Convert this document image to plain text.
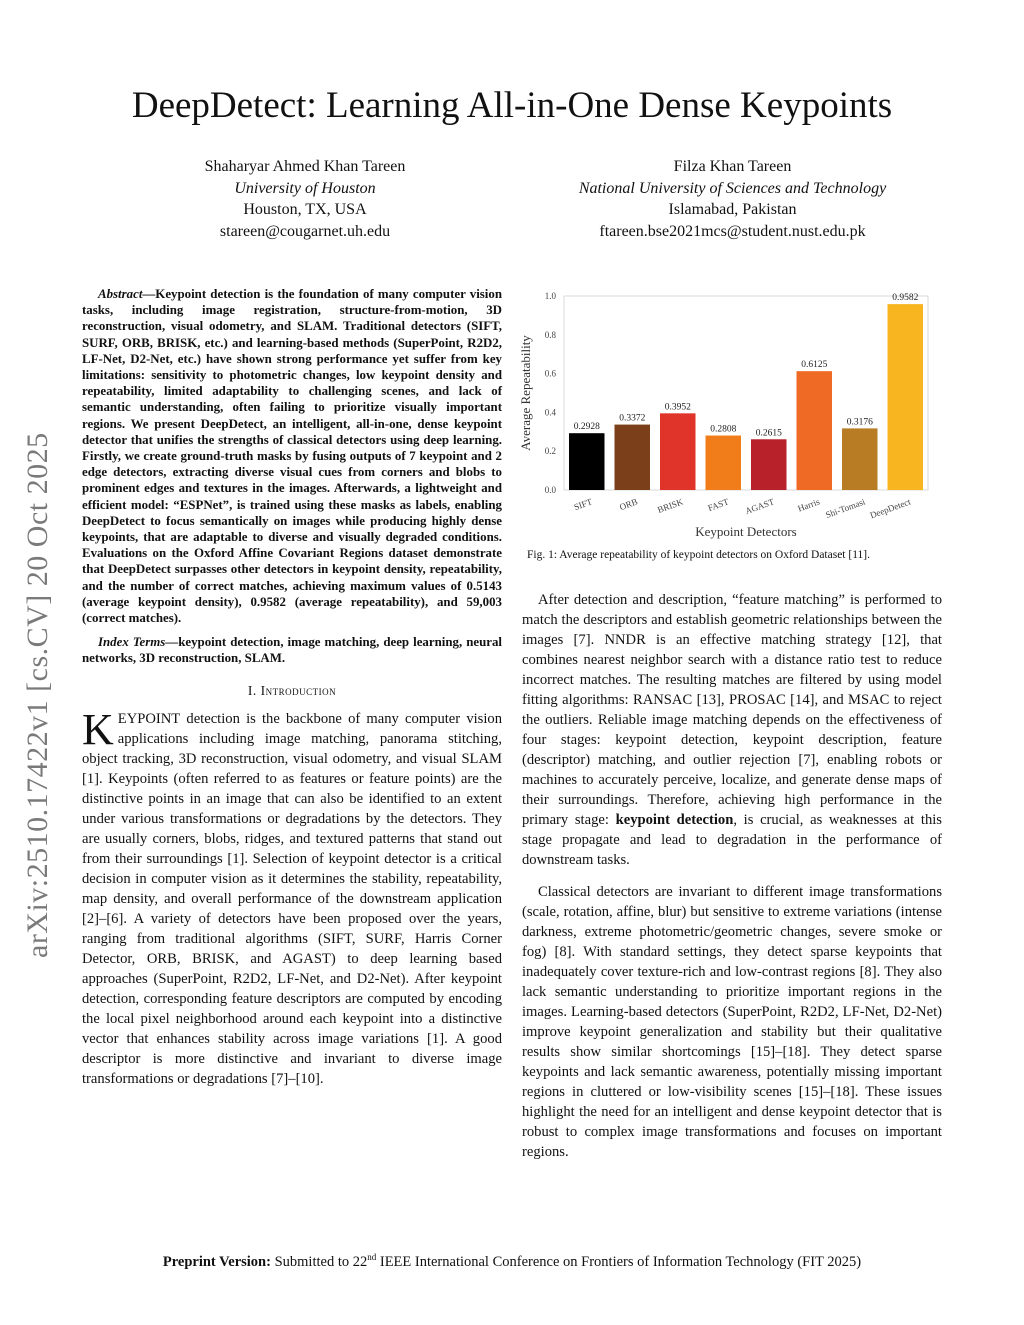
arXiv:2510.17422v1 [cs.CV] 20 Oct 2025
DeepDetect: Learning All-in-One Dense Keypoints
Shaharyar Ahmed Khan Tareen
University of Houston
Houston, TX, USA
stareen@cougarnet.uh.edu
Filza Khan Tareen
National University of Sciences and Technology
Islamabad, Pakistan
ftareen.bse2021mcs@student.nust.edu.pk

Abstract—Keypoint detection is the foundation of many computer vision tasks, including image registration, structure-from-motion, 3D reconstruction, visual odometry, and SLAM. Traditional detectors (SIFT, SURF, ORB, BRISK, etc.) and learning-based methods (SuperPoint, R2D2, LF-Net, D2-Net, etc.) have shown strong performance yet suffer from key limitations: sensitivity to photometric changes, low keypoint density and repeatability, limited adaptability to challenging scenes, and lack of semantic understanding, often failing to prioritize visually important regions. We present DeepDetect, an intelligent, all-in-one, dense keypoint detector that unifies the strengths of classical detectors using deep learning. Firstly, we create ground-truth masks by fusing outputs of 7 keypoint and 2 edge detectors, extracting diverse visual cues from corners and blobs to prominent edges and textures in the images. Afterwards, a lightweight and efficient model: “ESPNet”, is trained using these masks as labels, enabling DeepDetect to focus semantically on images while producing highly dense keypoints, that are adaptable to diverse and visually degraded conditions. Evaluations on the Oxford Affine Covariant Regions dataset demonstrate that DeepDetect surpasses other detectors in keypoint density, repeatability, and the number of correct matches, achieving maximum values of 0.5143 (average keypoint density), 0.9582 (average repeatability), and 59,003 (correct matches).

Index Terms—keypoint detection, image matching, deep learning, neural networks, 3D reconstruction, SLAM.

I. Introduction

KEYPOINT detection is the backbone of many computer vision applications including image matching, panorama stitching, object tracking, 3D reconstruction, visual odometry, and visual SLAM [1]. Keypoints (often referred to as features or feature points) are the distinctive points in an image that can also be identified to an extent under various transformations or degradations by the detectors. They are usually corners, blobs, ridges, and textured patterns that stand out from their surroundings [1]. Selection of keypoint detector is a critical decision in computer vision as it determines the stability, repeatability, map density, and overall performance of the downstream application [2]–[6]. A variety of detectors have been proposed over the years, ranging from traditional algorithms (SIFT, SURF, Harris Corner Detector, ORB, BRISK, and AGAST) to deep learning based approaches (SuperPoint, R2D2, LF-Net, and D2-Net). After keypoint detection, corresponding feature descriptors are computed by encoding the local pixel neighborhood around each keypoint into a distinctive vector that enhances stability across image variations [1]. A good descriptor is more distinctive and invariant to diverse image transformations or degradations [7]–[10].

0.0
0.2
0.4
0.6
0.8
1.0
Average Repeatability	0.2928
SIFT
0.3372
ORB
0.3952
BRISK
0.2808
FAST
0.2615
AGAST
0.6125
Harris
0.3176
Shi-Tomasi
0.9582
DeepDetect
Keypoint Detectors
Fig. 1: Average repeatability of keypoint detectors on Oxford Dataset [11].

After detection and description, “feature matching” is performed to match the descriptors and establish geometric relationships between the images [7]. NNDR is an effective matching strategy [12], that combines nearest neighbor search with a distance ratio test to reduce incorrect matches. The resulting matches are filtered by using model fitting algorithms: RANSAC [13], PROSAC [14], and MSAC to reject the outliers. Reliable image matching depends on the effectiveness of four stages: keypoint detection, keypoint description, feature (descriptor) matching, and outlier rejection [7], enabling robots or machines to accurately perceive, localize, and generate dense maps of their surroundings. Therefore, achieving high performance in the primary stage: keypoint detection, is crucial, as weaknesses at this stage propagate and lead to degradation in the performance of downstream tasks.

Classical detectors are invariant to different image transformations (scale, rotation, affine, blur) but sensitive to extreme variations (intense darkness, extreme photometric/geometric changes, severe smoke or fog) [8]. With standard settings, they detect sparse keypoints that inadequately cover texture-rich and low-contrast regions [8]. They also lack semantic understanding to prioritize important regions in the images. Learning-based detectors (SuperPoint, R2D2, LF-Net, D2-Net) improve keypoint generalization and stability but their qualitative results show similar shortcomings [15]–[18]. They detect sparse keypoints and lack semantic awareness, potentially missing important regions in cluttered or low-visibility scenes [15]–[18]. These issues highlight the need for an intelligent and dense keypoint detector that is robust to complex image transformations and focuses on important regions.

Preprint Version: Submitted to 22nd IEEE International Conference on Frontiers of Information Technology (FIT 2025)
